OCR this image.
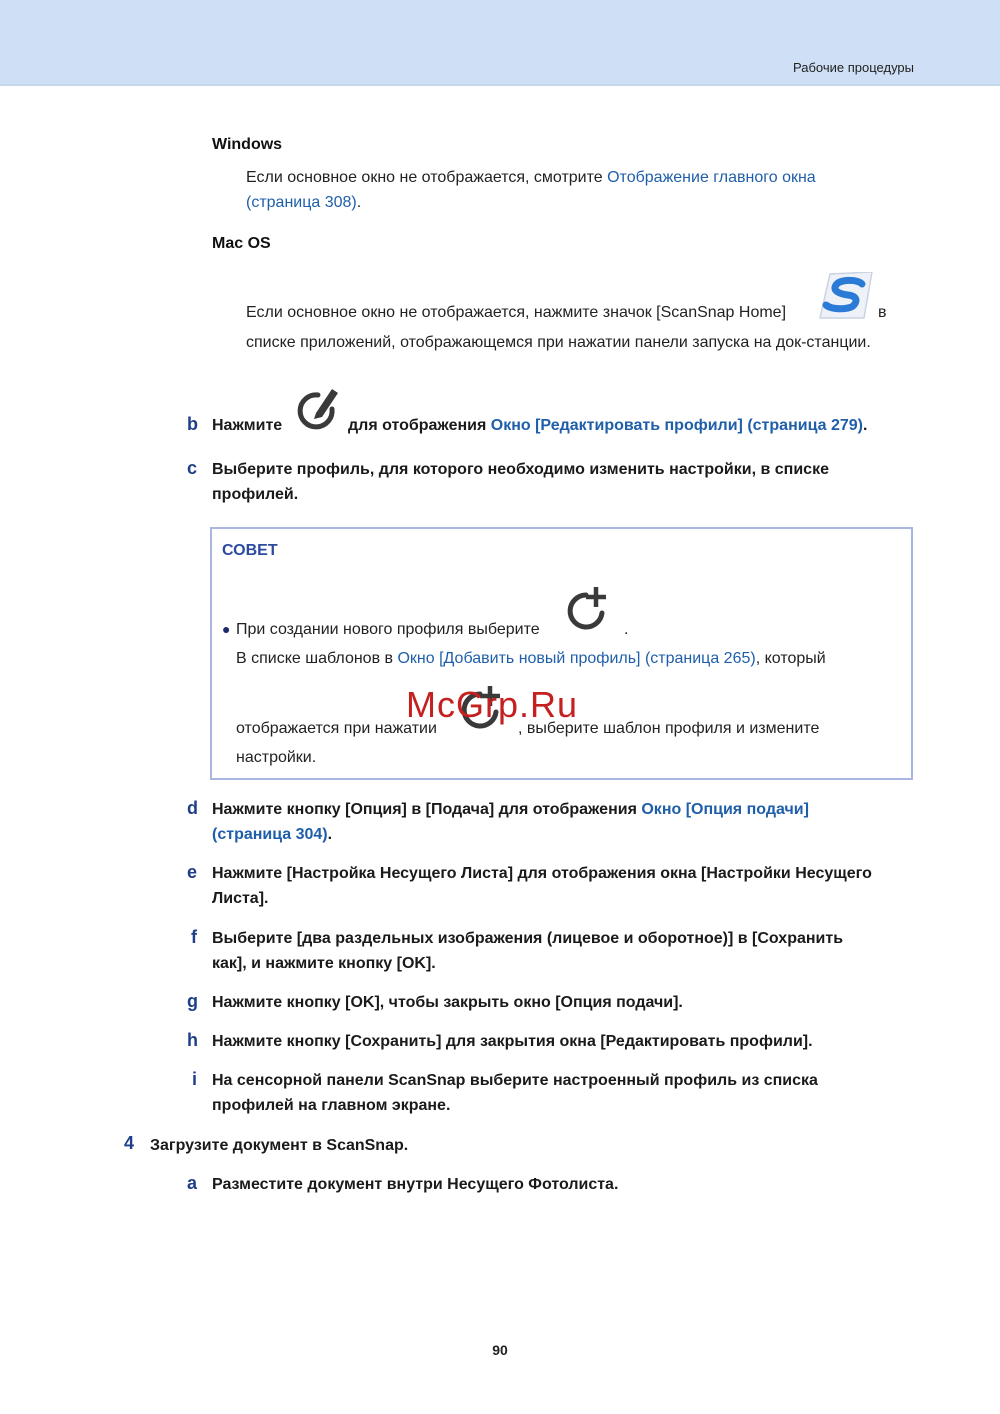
Рабочие процедуры
Windows
Если основное окно не отображается, смотрите Отображение главного окна
(страница 308).
Mac OS
Если основное окно не отображается, нажмите значок [ScanSnap Home]	в
списке приложений, отображающемся при нажатии панели запуска на док-станции.
b Нажмите	для отображения Окно [Редактировать профили] (страница 279).
c Выберите профиль, для которого необходимо изменить настройки, в списке
профилей.
СОВЕТ
● При создании нового профиля выберите	.
В списке шаблонов в Окно [Добавить новый профиль] (страница 265), который
отображается при нажатии	, выберите шаблон профиля и измените
настройки.
McGrp.Ru
d Нажмите кнопку [Опция] в [Подача] для отображения Окно [Опция подачи]
(страница 304).
e Нажмите [Настройка Несущего Листа] для отображения окна [Настройки Несущего
Листа].
f Выберите [два раздельных изображения (лицевое и оборотное)] в [Сохранить
как], и нажмите кнопку [OK].
g Нажмите кнопку [OK], чтобы закрыть окно [Опция подачи].
h Нажмите кнопку [Сохранить] для закрытия окна [Редактировать профили].
i На сенсорной панели ScanSnap выберите настроенный профиль из списка
профилей на главном экране.
4 Загрузите документ в ScanSnap.
a Разместите документ внутри Несущего Фотолиста.
90
